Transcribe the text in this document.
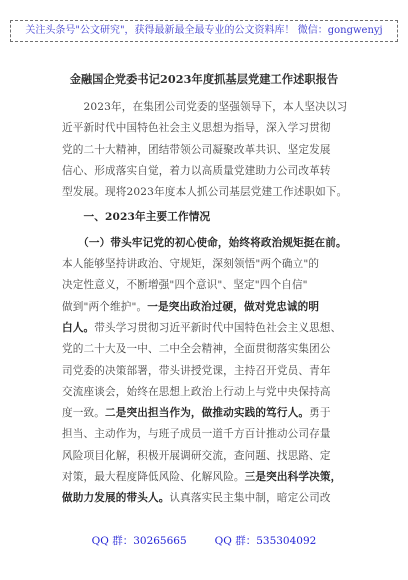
关注头条号"公文研究"，获得最新最全最专业的公文资料库！ 微信：gongwenyj
金融国企党委书记2023年度抓基层党建工作述职报告
　　2023年，在集团公司党委的坚强领导下，本人坚决以习
近平新时代中国特色社会主义思想为指导，深入学习贯彻
党的二十大精神，团结带领公司凝聚改革共识、坚定发展
信心、形成落实自觉，着力以高质量党建助力公司改革转
型发展。现将2023年度本人抓公司基层党建工作述职如下。
　　一、2023年主要工作情况
　　（一）带头牢记党的初心使命，始终将政治规矩挺在前。
本人能够坚持讲政治、守规矩，深刻领悟"两个确立"的
决定性意义，不断增强"四个意识"、坚定"四个自信"
做到"两个维护"。一是突出政治过硬，做对党忠诚的明
白人。带头学习贯彻习近平新时代中国特色社会主义思想、
党的二十大及一中、二中全会精神，全面贯彻落实集团公
司党委的决策部署，带头讲授党课，主持召开党员、青年
交流座谈会，始终在思想上政治上行动上与党中央保持高
度一致。二是突出担当作为，做推动实践的笃行人。勇于
担当、主动作为，与班子成员一道千方百计推动公司存量
风险项目化解，积极开展调研交流，查问题、找思路、定
对策，最大程度降低风险、化解风险。三是突出科学决策，
做助力发展的带头人。认真落实民主集中制，暗定公司改
QQ 群：30265665	QQ 群：535304092
